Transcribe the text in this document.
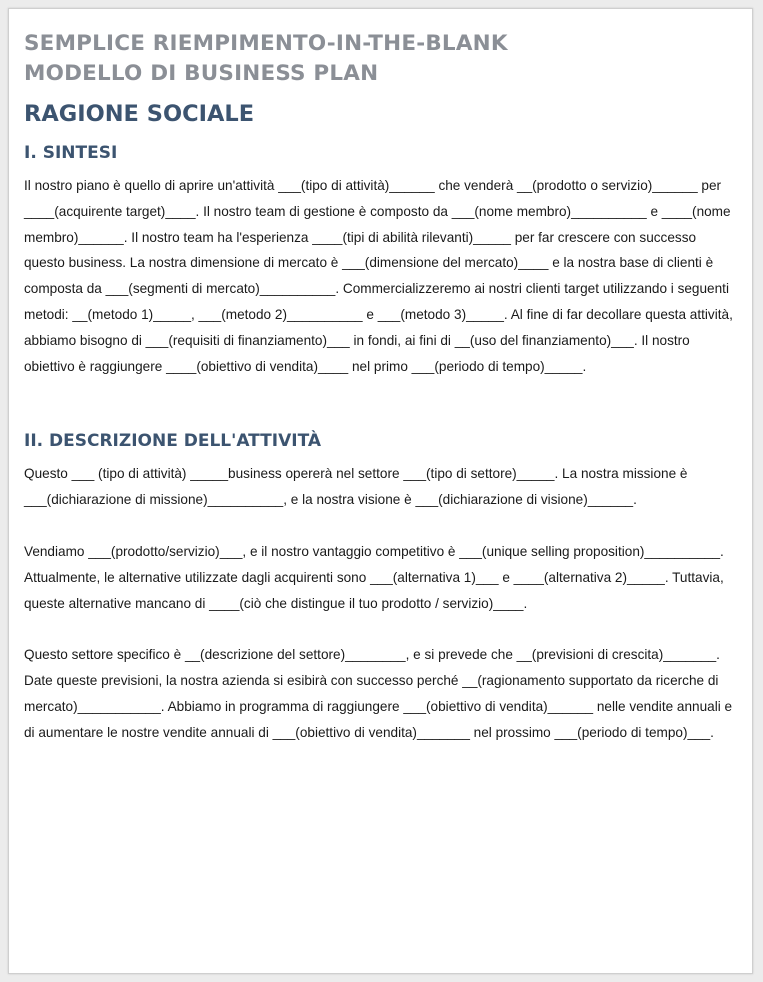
SEMPLICE RIEMPIMENTO-IN-THE-BLANK
MODELLO DI BUSINESS PLAN
RAGIONE SOCIALE
I. SINTESI

Il nostro piano è quello di aprire un'attività ___(tipo di attività)______ che venderà __(prodotto o servizio)______ per ____(acquirente target)____. Il nostro team di gestione è composto da ___(nome membro)__________ e ____(nome membro)______. Il nostro team ha l'esperienza ____(tipi di abilità rilevanti)_____ per far crescere con successo questo business. La nostra dimensione di mercato è ___(dimensione del mercato)____ e la nostra base di clienti è composta da ___(segmenti di mercato)__________. Commercializzeremo ai nostri clienti target utilizzando i seguenti metodi: __(metodo 1)_____, ___(metodo 2)__________ e ___(metodo 3)_____. Al fine di far decollare questa attività, abbiamo bisogno di ___(requisiti di finanziamento)___ in fondi, ai fini di __(uso del finanziamento)___. Il nostro obiettivo è raggiungere ____(obiettivo di vendita)____ nel primo ___(periodo di tempo)_____.

II. DESCRIZIONE DELL'ATTIVITÀ

Questo ___ (tipo di attività) _____business opererà nel settore ___(tipo di settore)_____. La nostra missione è ___(dichiarazione di missione)__________, e la nostra visione è ___(dichiarazione di visione)______.

Vendiamo ___(prodotto/servizio)___, e il nostro vantaggio competitivo è ___(unique selling proposition)__________. Attualmente, le alternative utilizzate dagli acquirenti sono ___(alternativa 1)___ e ____(alternativa 2)_____. Tuttavia, queste alternative mancano di ____(ciò che distingue il tuo prodotto / servizio)____.

Questo settore specifico è __(descrizione del settore)________, e si prevede che __(previsioni di crescita)_______. Date queste previsioni, la nostra azienda si esibirà con successo perché __(ragionamento supportato da ricerche di mercato)___________. Abbiamo in programma di raggiungere ___(obiettivo di vendita)______ nelle vendite annuali e di aumentare le nostre vendite annuali di ___(obiettivo di vendita)_______ nel prossimo ___(periodo di tempo)___.
